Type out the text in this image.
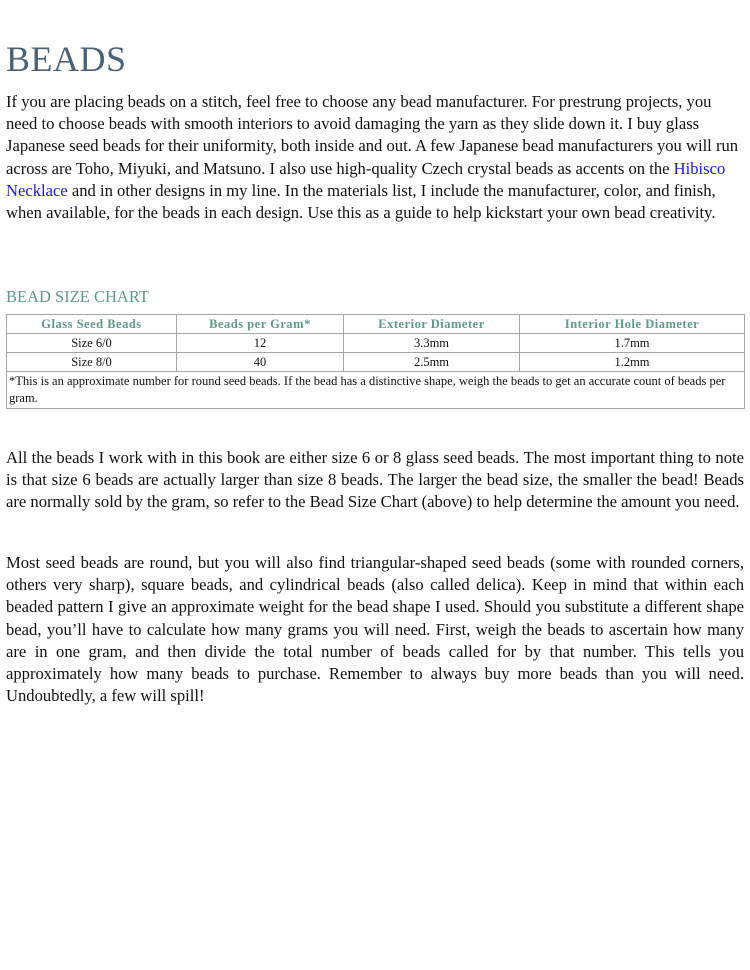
BEADS

If you are placing beads on a stitch, feel free to choose any bead manufacturer. For prestrung projects, you need to choose beads with smooth interiors to avoid damaging the yarn as they slide down it. I buy glass Japanese seed beads for their uniformity, both inside and out. A few Japanese bead manufacturers you will run across are Toho, Miyuki, and Matsuno. I also use high-quality Czech crystal beads as accents on the Hibisco Necklace and in other designs in my line. In the materials list, I include the manufacturer, color, and finish, when available, for the beads in each design. Use this as a guide to help kickstart your own bead creativity.

BEAD SIZE CHART
Glass Seed Beads	Beads per Gram*	Exterior Diameter	Interior Hole Diameter
Size 6/0	12	3.3mm	1.7mm
Size 8/0	40	2.5mm	1.2mm
*This is an approximate number for round seed beads. If the bead has a distinctive shape, weigh the beads to get an accurate count of beads per gram.			

All the beads I work with in this book are either size 6 or 8 glass seed beads. The most important thing to note is that size 6 beads are actually larger than size 8 beads. The larger the bead size, the smaller the bead! Beads are normally sold by the gram, so refer to the Bead Size Chart (above) to help determine the amount you need.

Most seed beads are round, but you will also find triangular-shaped seed beads (some with rounded corners, others very sharp), square beads, and cylindrical beads (also called delica). Keep in mind that within each beaded pattern I give an approximate weight for the bead shape I used. Should you substitute a different shape bead, you’ll have to calculate how many grams you will need. First, weigh the beads to ascertain how many are in one gram, and then divide the total number of beads called for by that number. This tells you approximately how many beads to purchase. Remember to always buy more beads than you will need. Undoubtedly, a few will spill!
